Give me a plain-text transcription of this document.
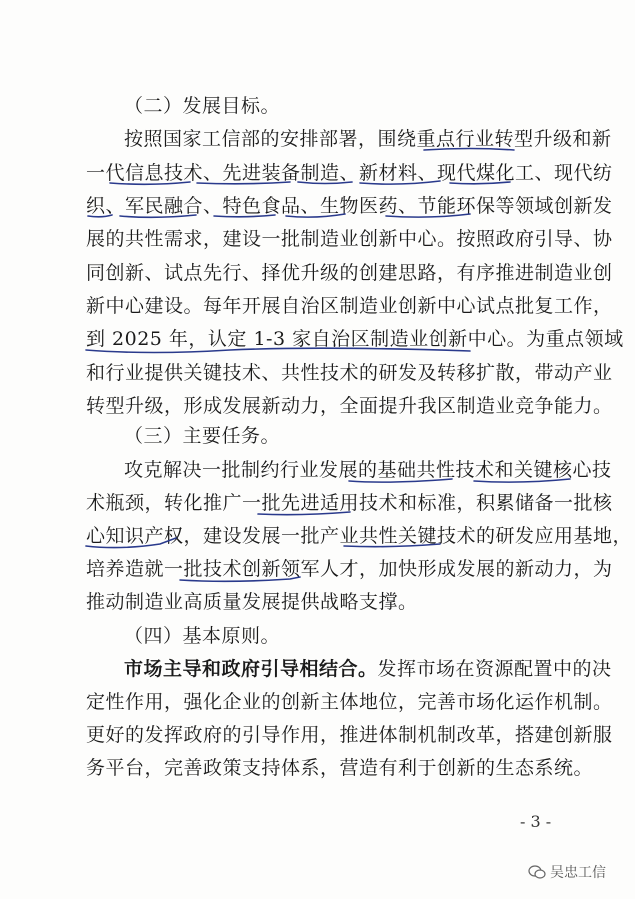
（二）发展目标。
按照国家工信部的安排部署，围绕重点行业转型升级和新
一代信息技术、先进装备制造、新材料、现代煤化工、现代纺
织、军民融合、特色食品、生物医药、节能环保等领域创新发
展的共性需求，建设一批制造业创新中心。按照政府引导、协
同创新、试点先行、择优升级的创建思路，有序推进制造业创
新中心建设。每年开展自治区制造业创新中心试点批复工作，
到 2025 年，认定 1-3 家自治区制造业创新中心。为重点领域
和行业提供关键技术、共性技术的研发及转移扩散，带动产业
转型升级，形成发展新动力，全面提升我区制造业竞争能力。
（三）主要任务。
攻克解决一批制约行业发展的基础共性技术和关键核心技
术瓶颈，转化推广一批先进适用技术和标准，积累储备一批核
心知识产权，建设发展一批产业共性关键技术的研发应用基地，
培养造就一批技术创新领军人才，加快形成发展的新动力，为
推动制造业高质量发展提供战略支撑。
（四）基本原则。
市场主导和政府引导相结合。发挥市场在资源配置中的决
定性作用，强化企业的创新主体地位，完善市场化运作机制。
更好的发挥政府的引导作用，推进体制机制改革，搭建创新服
务平台，完善政策支持体系，营造有利于创新的生态系统。
- 3 -
吴忠工信
